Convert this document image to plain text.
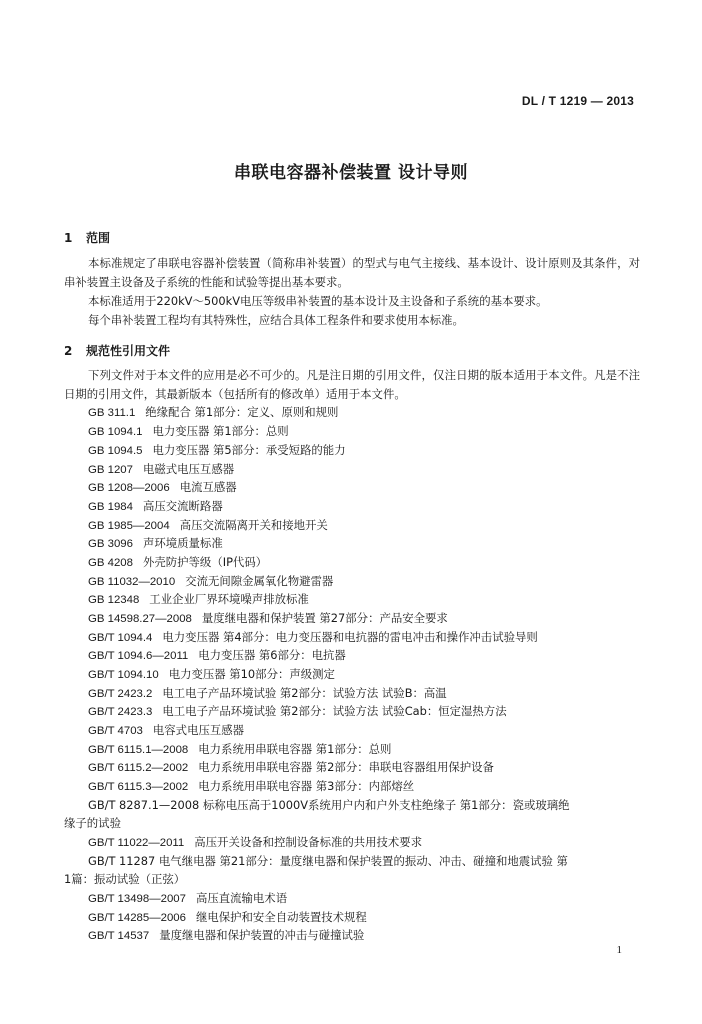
DL / T 1219 — 2013
串联电容器补偿装置 设计导则
1 范围
本标准规定了串联电容器补偿装置（简称串补装置）的型式与电气主接线、基本设计、设计原则及其条件，对串补装置主设备及子系统的性能和试验等提出基本要求。
本标准适用于220kV～500kV电压等级串补装置的基本设计及主设备和子系统的基本要求。
每个串补装置工程均有其特殊性，应结合具体工程条件和要求使用本标准。
2 规范性引用文件
下列文件对于本文件的应用是必不可少的。凡是注日期的引用文件，仅注日期的版本适用于本文件。凡是不注日期的引用文件，其最新版本（包括所有的修改单）适用于本文件。
GB 311.1 绝缘配合 第1部分：定义、原则和规则
GB 1094.1 电力变压器 第1部分：总则
GB 1094.5 电力变压器 第5部分：承受短路的能力
GB 1207 电磁式电压互感器
GB 1208—2006 电流互感器
GB 1984 高压交流断路器
GB 1985—2004 高压交流隔离开关和接地开关
GB 3096 声环境质量标准
GB 4208 外壳防护等级（IP代码）
GB 11032—2010 交流无间隙金属氧化物避雷器
GB 12348 工业企业厂界环境噪声排放标准
GB 14598.27—2008 量度继电器和保护装置 第27部分：产品安全要求
GB/T 1094.4 电力变压器 第4部分：电力变压器和电抗器的雷电冲击和操作冲击试验导则
GB/T 1094.6—2011 电力变压器 第6部分：电抗器
GB/T 1094.10 电力变压器 第10部分：声级测定
GB/T 2423.2 电工电子产品环境试验 第2部分：试验方法 试验B：高温
GB/T 2423.3 电工电子产品环境试验 第2部分：试验方法 试验Cab：恒定湿热方法
GB/T 4703 电容式电压互感器
GB/T 6115.1—2008 电力系统用串联电容器 第1部分：总则
GB/T 6115.2—2002 电力系统用串联电容器 第2部分：串联电容器组用保护设备
GB/T 6115.3—2002 电力系统用串联电容器 第3部分：内部熔丝
GB/T 8287.1—2008 标称电压高于1000V系统用户内和户外支柱绝缘子 第1部分：瓷或玻璃绝
缘子的试验
GB/T 11022—2011 高压开关设备和控制设备标准的共用技术要求
GB/T 11287 电气继电器 第21部分：量度继电器和保护装置的振动、冲击、碰撞和地震试验 第
1篇：振动试验（正弦）
GB/T 13498—2007 高压直流输电术语
GB/T 14285—2006 继电保护和安全自动装置技术规程
GB/T 14537 量度继电器和保护装置的冲击与碰撞试验
1
